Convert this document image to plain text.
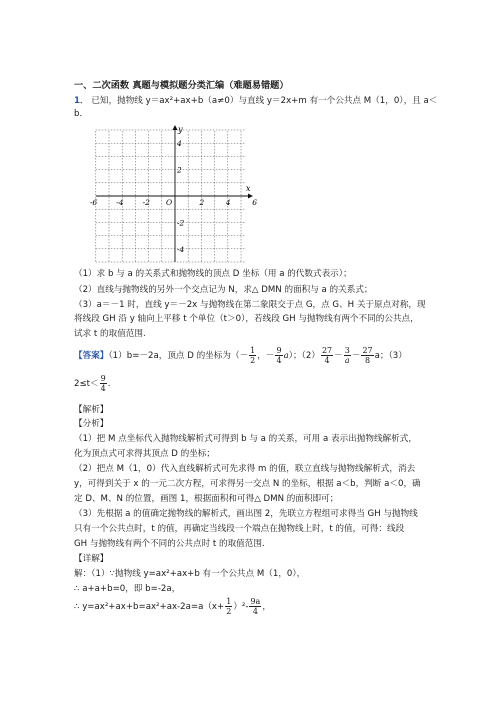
一、二次函数 真题与模拟题分类汇编（难题易错题）
1． 已知，抛物线 y＝ax²+ax+b（a≠0）与直线 y＝2x+m 有一个公共点 M（1，0），且 a＜
b．
x
y
O
-6	-4	-2	2	4	6
4
2
-2
-4
（1）求 b 与 a 的关系式和抛物线的顶点 D 坐标（用 a 的代数式表示）；
（2）直线与抛物线的另外一个交点记为 N，求△ DMN 的面积与 a 的关系式；
（3）a＝－1 时，直线 y＝－2x 与抛物线在第二象限交于点 G，点 G、H 关于原点对称，现
将线段 GH 沿 y 轴向上平移 t 个单位（t＞0），若线段 GH 与抛物线有两个不同的公共点，
试求 t 的取值范围.
【答案】（1）b=－2a，顶点 D 的坐标为（－ $\frac{1}{2}$ ，－ $\frac{9}{4} a$）；$(2) \frac{27}{4} - \frac{3}{a} - \frac{27}{8}$ a；（3）
$2\le t< \frac{9}{4}$ .
【解析】
【分析】
（1）把 M 点坐标代入抛物线解析式可得到 b 与 a 的关系，可用 a 表示出抛物线解析式，
化为顶点式可求得其顶点 D 的坐标；
（2）把点 M（1，0）代入直线解析式可先求得 m 的值，联立直线与抛物线解析式，消去
y，可得到关于 x 的一元二次方程，可求得另一交点 N 的坐标，根据 a＜b，判断 a＜0，确
定 D、M、N 的位置，画图 1，根据面积和可得△ DMN 的面积即可；
（3）先根据 a 的值确定抛物线的解析式，画出图 2，先联立方程组可求得当 GH 与抛物线
只有一个公共点时，t 的值，再确定当线段一个端点在抛物线上时，t 的值，可得：线段
GH 与抛物线有两个不同的公共点时 t 的取值范围.
【详解】
解：（1）∵抛物线 y=ax²+ax+b 有一个公共点 M（1，0），
∴ a+a+b=0，即 b=-2a，
∴ $y=ax^2+ax+b=ax^2+ax-2a=a(x+ \frac{1}{2} )^2- \frac{9a}{4}$ ，
